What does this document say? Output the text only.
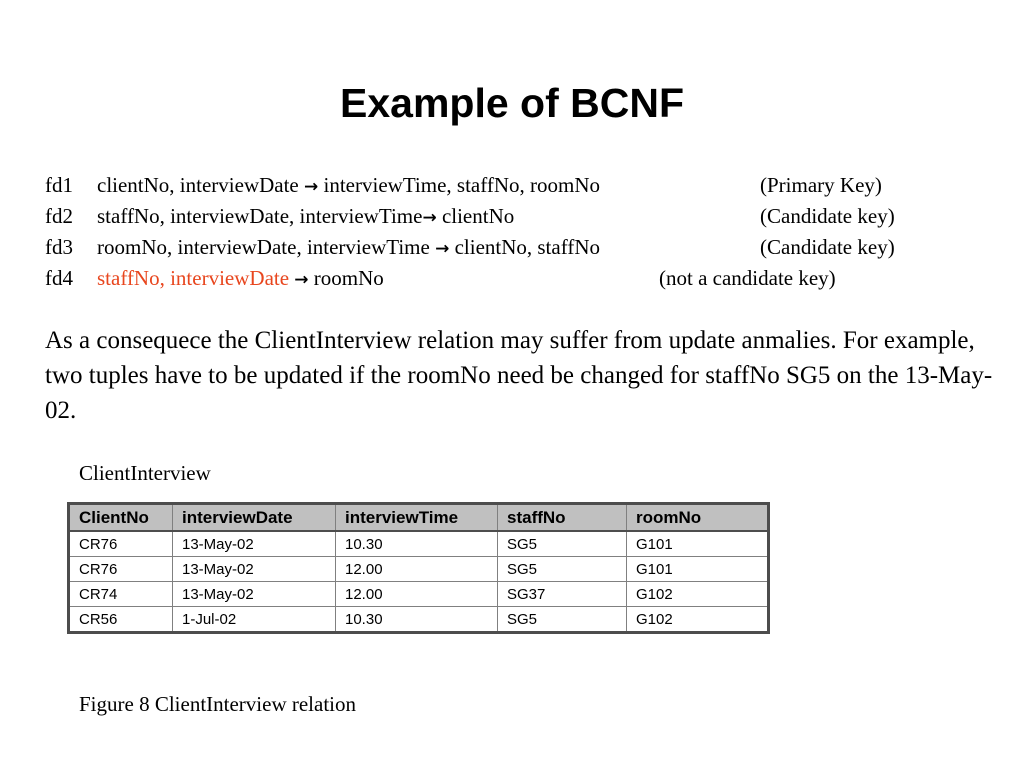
Example of BCNF
fd1 clientNo, interviewDate → interviewTime, staffNo, roomNo	(Primary Key)
fd2 staffNo, interviewDate, interviewTime→ clientNo	(Candidate key)
fd3 roomNo, interviewDate, interviewTime → clientNo, staffNo	(Candidate key)
fd4 staffNo, interviewDate → roomNo	(not a candidate key)

As a consequece the ClientInterview relation may suffer from update anmalies. For example, two tuples have to be updated if the roomNo need be changed for staffNo SG5 on the 13-May-02.

ClientInterview
ClientNo	interviewDate	interviewTime	staffNo	roomNo
CR76	13-May-02	10.30	SG5	G101
CR76	13-May-02	12.00	SG5	G101
CR74	13-May-02	12.00	SG37	G102
CR56	1-Jul-02	10.30	SG5	G102
Figure 8 ClientInterview relation
